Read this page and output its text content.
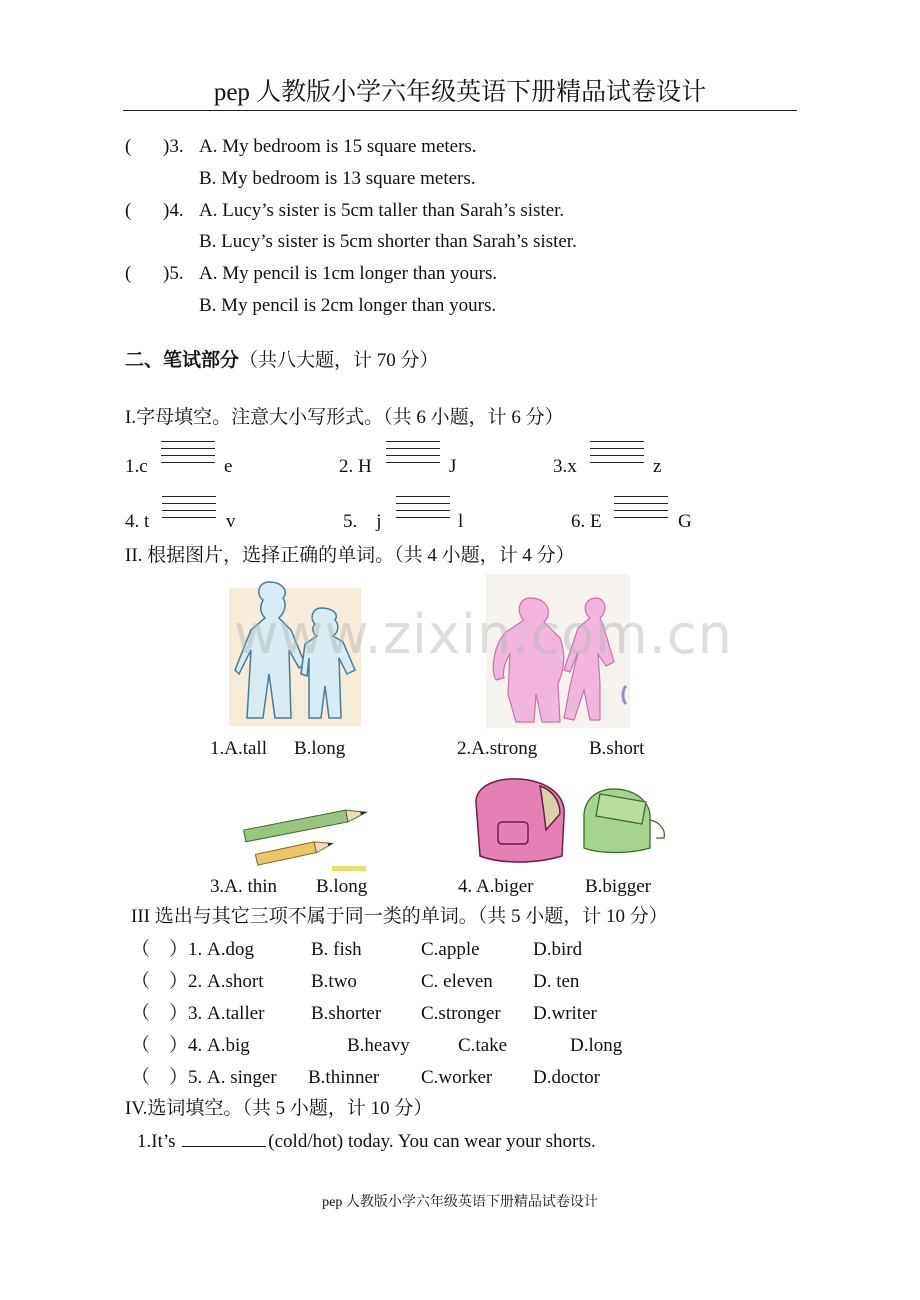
pep 人教版小学六年级英语下册精品试卷设计
( )3. A. My bedroom is 15 square meters.
B. My bedroom is 13 square meters.
( )4. A. Lucy’s sister is 5cm taller than Sarah’s sister.
B. Lucy’s sister is 5cm shorter than Sarah’s sister.
( )5. A. My pencil is 1cm longer than yours.
B. My pencil is 2cm longer than yours.
二、笔试部分（共八大题，计 70 分）
I.字母填空。注意大小写形式。（共 6 小题，计 6 分）
1.c	e	2. H	J	3.x	z
4. t	v	5.    j	l	6. E	G
II. 根据图片，选择正确的单词。（共 4 小题，计 4 分）
1.A.tall B.long	2.A.strong	B.short
3.A. thin B.long	4. A.biger	B.bigger
www.zixin.com.cn
III 选出与其它三项不属于同一类的单词。（共 5 小题，计 10 分）
（    ）1. A.dog	B. fish	C.apple	D.bird
（    ）2. A.short	B.two	C. eleven D. ten
（    ）3. A.taller B.shorter C.stronger D.writer
（    ）4. A.big	B.heavy	C.take	D.long
（    ）5. A. singer B.thinner C.worker D.doctor
IV.选词填空。（共 5 小题，计 10 分）
1.It’s	(cold/hot) today. You can wear your shorts.
pep 人教版小学六年级英语下册精品试卷设计
